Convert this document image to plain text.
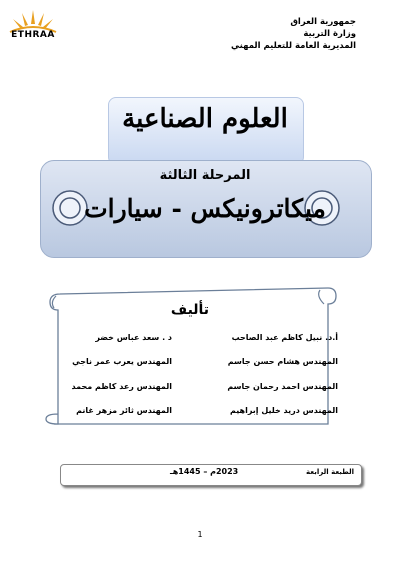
جمهورية العراق
وزارة التربية
المديرية العامة للتعليم المهني
ETHRAA
العلوم الصناعية
المرحلة الثالثة
ميكاترونيكس - سيارات
تأليف
أ.د. نبيل كاظم عبد الصاحب
المهندس هشام حسن جاسم
المهندس احمد رحمان جاسم
المهندس دريد خليل إبراهيم
د . سعد عباس خضر
المهندس يعرب عمر ناجي
المهندس رعد كاظم محمد
المهندس ثائر مزهر غانم
الطبعة الرابعة
2023م – 1445هـ
1
